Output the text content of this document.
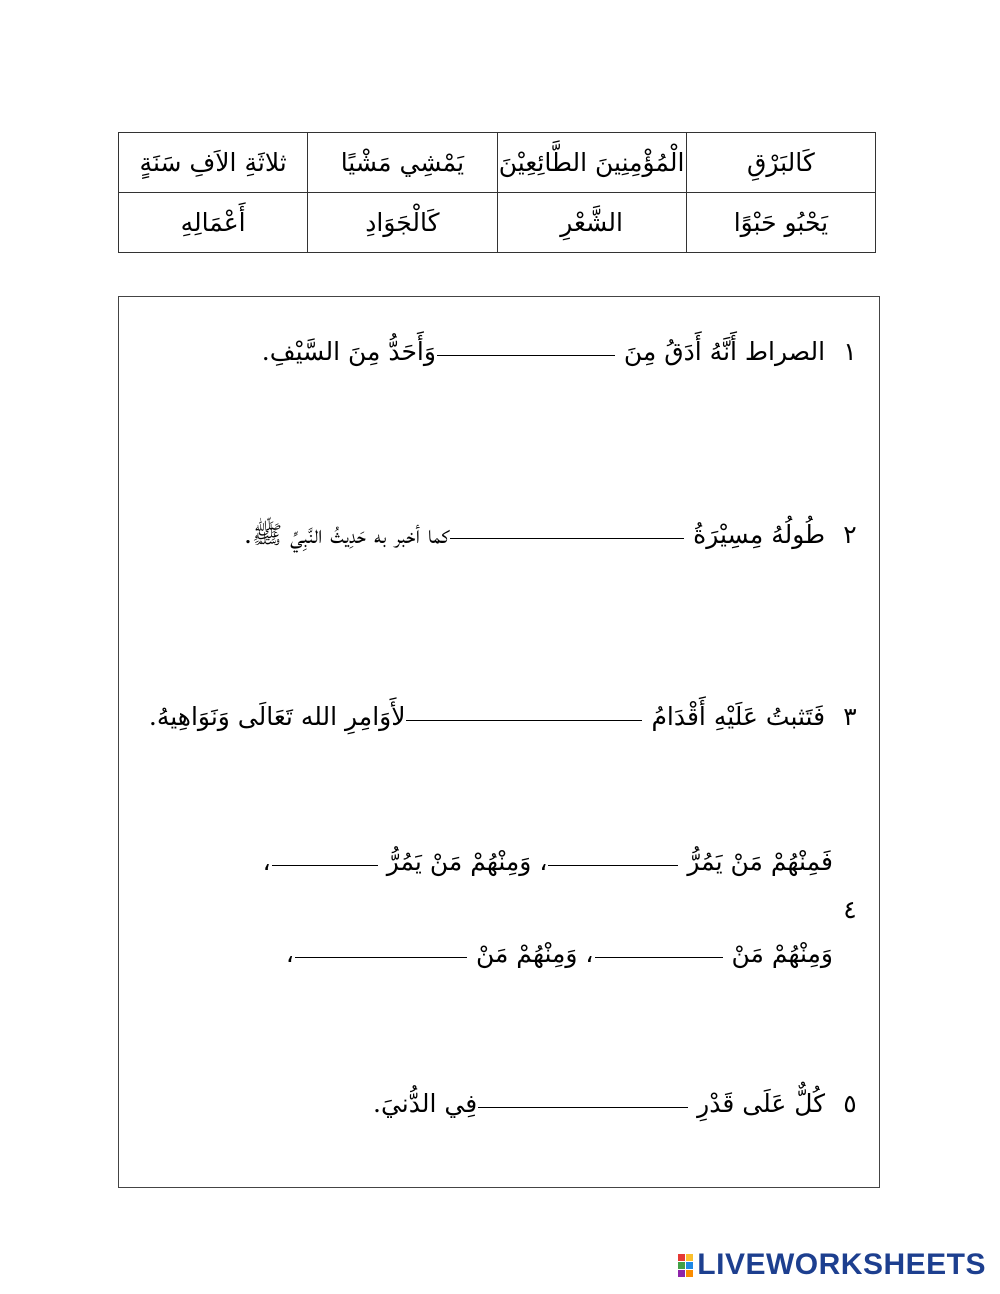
كَالبَرْقِ	الْمُؤْمِنِينَ الطَّائِعِيْنَ	يَمْشِي مَشْيًا	ثلاثَةِ الاَفِ سَنَةٍ
يَحْبُو حَبْوًا	الشَّعْرِ	كَالْجَوَادِ	أَعْمَالِهِ
١ الصراط أَنَّهُ أَدَقُ مِنَ وَأَحَدُّ مِنَ السَّيْفِ.
٢ طُولُهُ مِسِيْرَةُ كما أخبر به حَدِيثُ النَّبِيِّ ﷺ.
٣ فَتَثبتُ عَلَيْهِ أَقْدَامُ لأَوَامِرِ الله تَعَالَى وَنَوَاهِيهُ.
فَمِنْهُمْ مَنْ يَمُرُّ ، وَمِنْهُمْ مَنْ يَمُرُّ ،
٤
وَمِنْهُمْ مَنْ ، وَمِنْهُمْ مَنْ ،
٥ كُلٌّ عَلَى قَدْرِ فِي الدُّنيَ.
LIVEWORKSHEETS
